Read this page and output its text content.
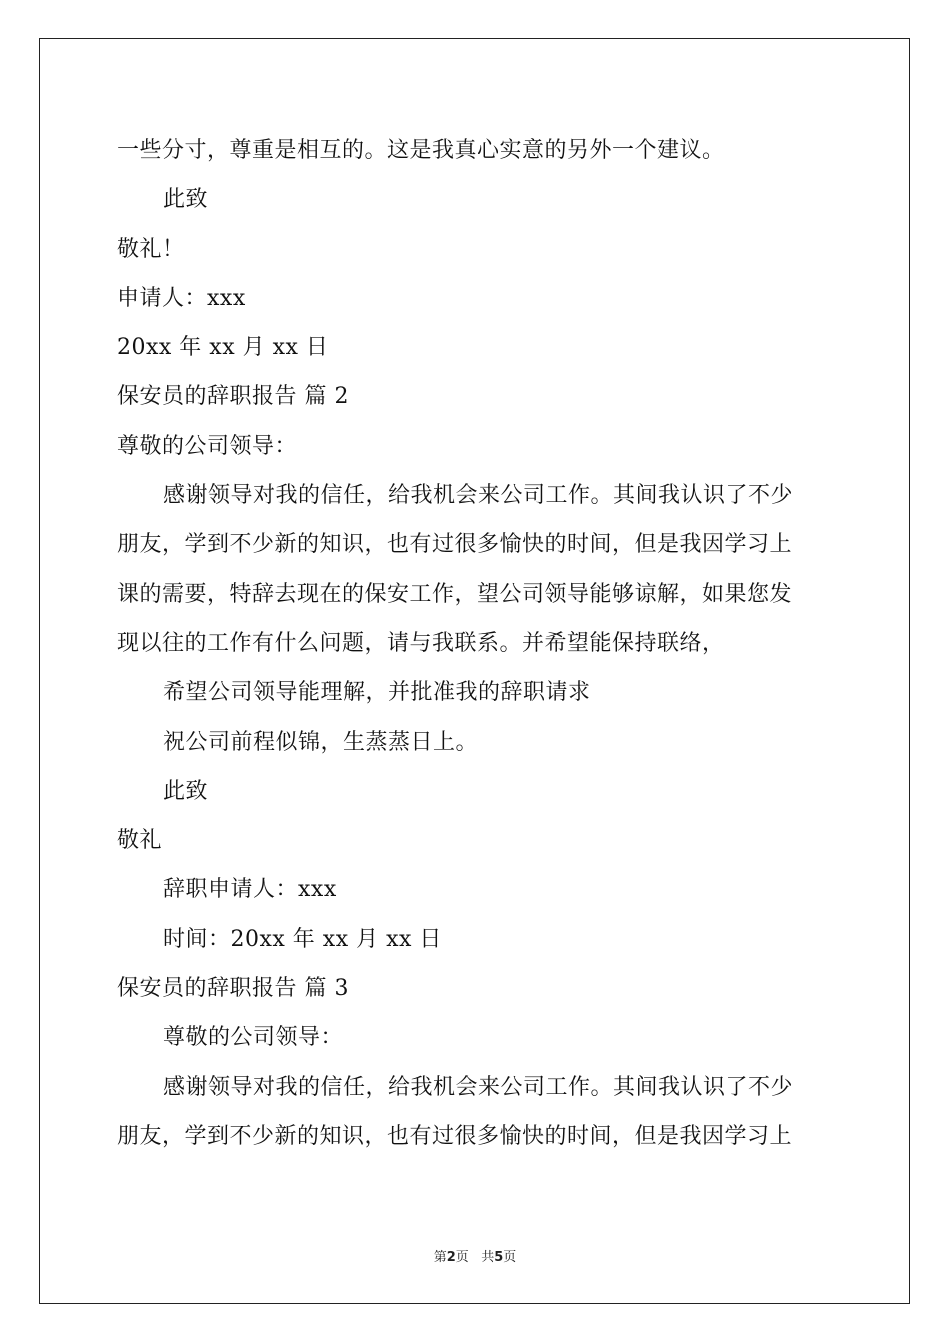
一些分寸，尊重是相互的。这是我真心实意的另外一个建议。
此致
敬礼！
申请人：xxx
20xx 年 xx 月 xx 日
保安员的辞职报告 篇 2
尊敬的公司领导：
感谢领导对我的信任，给我机会来公司工作。其间我认识了不少
朋友，学到不少新的知识，也有过很多愉快的时间，但是我因学习上
课的需要，特辞去现在的保安工作，望公司领导能够谅解，如果您发
现以往的工作有什么问题，请与我联系。并希望能保持联络，
希望公司领导能理解，并批准我的辞职请求
祝公司前程似锦，生蒸蒸日上。
此致
敬礼
辞职申请人：xxx
时间：20xx 年 xx 月 xx 日
保安员的辞职报告 篇 3
尊敬的公司领导：
感谢领导对我的信任，给我机会来公司工作。其间我认识了不少
朋友，学到不少新的知识，也有过很多愉快的时间，但是我因学习上
第2页 共5页
